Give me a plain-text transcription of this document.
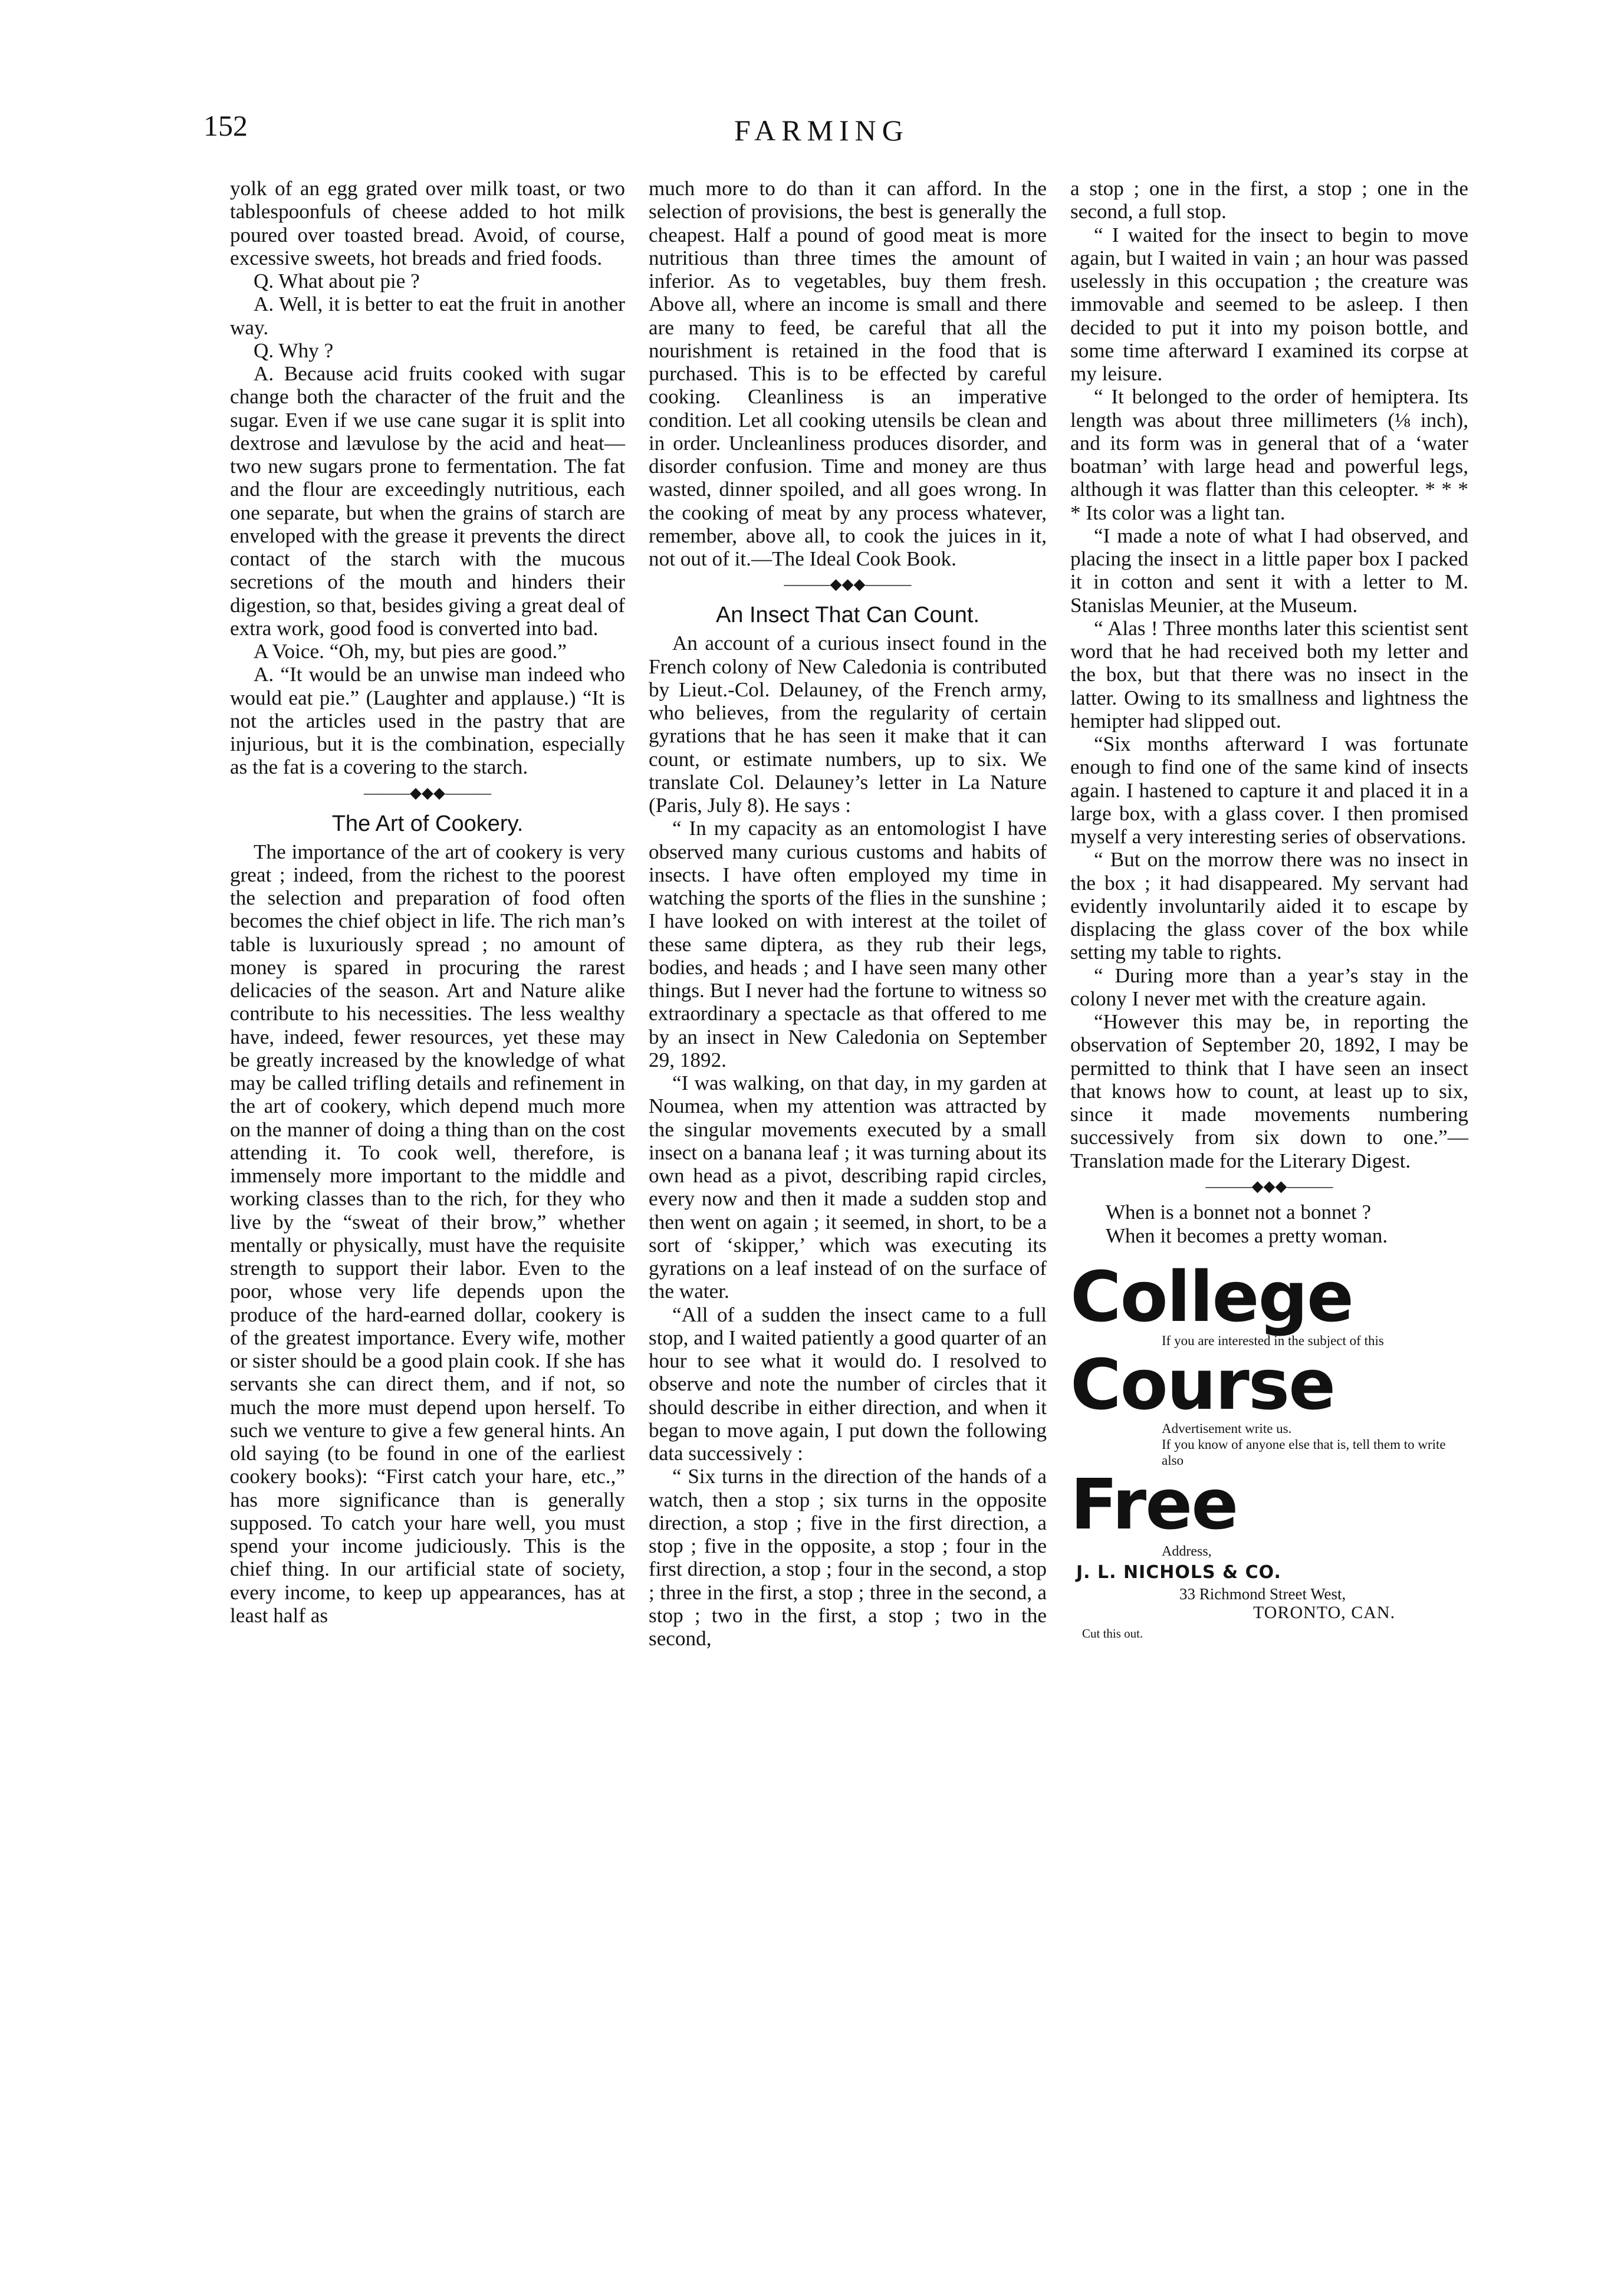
152	FARMING

yolk of an egg grated over milk toast, or two tablespoonfuls of cheese added to hot milk poured over toasted bread. Avoid, of course, excessive sweets, hot breads and fried foods.

Q. What about pie ?

A. Well, it is better to eat the fruit in another way.

Q. Why ?

A. Because acid fruits cooked with sugar change both the character of the fruit and the sugar. Even if we use cane sugar it is split into dextrose and lævulose by the acid and heat—two new sugars prone to fermentation. The fat and the flour are exceedingly nutritious, each one separate, but when the grains of starch are enveloped with the grease it prevents the direct contact of the starch with the mucous secretions of the mouth and hinders their digestion, so that, besides giving a great deal of extra work, good food is converted into bad.

A Voice. “Oh, my, but pies are good.”

A. “It would be an unwise man indeed who would eat pie.” (Laughter and applause.) “It is not the articles used in the pastry that are injurious, but it is the combination, especially as the fat is a covering to the starch.

———◆◆◆———
The Art of Cookery.

The importance of the art of cookery is very great ; indeed, from the richest to the poorest the selection and preparation of food often becomes the chief object in life. The rich man’s table is luxuriously spread ; no amount of money is spared in procuring the rarest delicacies of the season. Art and Nature alike contribute to his necessities. The less wealthy have, indeed, fewer resources, yet these may be greatly increased by the knowledge of what may be called trifling details and refinement in the art of cookery, which depend much more on the manner of doing a thing than on the cost attending it. To cook well, therefore, is immensely more important to the middle and working classes than to the rich, for they who live by the “sweat of their brow,” whether mentally or physically, must have the requisite strength to support their labor. Even to the poor, whose very life depends upon the produce of the hard-earned dollar, cookery is of the greatest importance. Every wife, mother or sister should be a good plain cook. If she has servants she can direct them, and if not, so much the more must depend upon herself. To such we venture to give a few general hints. An old saying (to be found in one of the earliest cookery books): “First catch your hare, etc.,” has more significance than is generally supposed. To catch your hare well, you must spend your income judiciously. This is the chief thing. In our artificial state of society, every income, to keep up appearances, has at least half as

much more to do than it can afford. In the selection of provisions, the best is generally the cheapest. Half a pound of good meat is more nutritious than three times the amount of inferior. As to vegetables, buy them fresh. Above all, where an income is small and there are many to feed, be careful that all the nourishment is retained in the food that is purchased. This is to be effected by careful cooking. Cleanliness is an imperative condition. Let all cooking utensils be clean and in order. Uncleanliness produces disorder, and disorder confusion. Time and money are thus wasted, dinner spoiled, and all goes wrong. In the cooking of meat by any process whatever, remember, above all, to cook the juices in it, not out of it.—The Ideal Cook Book.

———◆◆◆———
An Insect That Can Count.

An account of a curious insect found in the French colony of New Caledonia is contributed by Lieut.-Col. Delauney, of the French army, who believes, from the regularity of certain gyrations that he has seen it make that it can count, or estimate numbers, up to six. We translate Col. Delauney’s letter in La Nature (Paris, July 8). He says :

“ In my capacity as an entomologist I have observed many curious customs and habits of insects. I have often employed my time in watching the sports of the flies in the sunshine ; I have looked on with interest at the toilet of these same diptera, as they rub their legs, bodies, and heads ; and I have seen many other things. But I never had the fortune to witness so extraordinary a spectacle as that offered to me by an insect in New Caledonia on September 29, 1892.

“I was walking, on that day, in my garden at Noumea, when my attention was attracted by the singular movements executed by a small insect on a banana leaf ; it was turning about its own head as a pivot, describing rapid circles, every now and then it made a sudden stop and then went on again ; it seemed, in short, to be a sort of ‘skipper,’ which was executing its gyrations on a leaf instead of on the surface of the water.

“All of a sudden the insect came to a full stop, and I waited patiently a good quarter of an hour to see what it would do. I resolved to observe and note the number of circles that it should describe in either direction, and when it began to move again, I put down the following data successively :

“ Six turns in the direction of the hands of a watch, then a stop ; six turns in the opposite direction, a stop ; five in the first direction, a stop ; five in the opposite, a stop ; four in the first direction, a stop ; four in the second, a stop ; three in the first, a stop ; three in the second, a stop ; two in the first, a stop ; two in the second,

a stop ; one in the first, a stop ; one in the second, a full stop.

“ I waited for the insect to begin to move again, but I waited in vain ; an hour was passed uselessly in this occupation ; the creature was immovable and seemed to be asleep. I then decided to put it into my poison bottle, and some time afterward I examined its corpse at my leisure.

“ It belonged to the order of hemiptera. Its length was about three millimeters (⅛ inch), and its form was in general that of a ‘water boatman’ with large head and powerful legs, although it was flatter than this celeopter. * * * * Its color was a light tan.

“I made a note of what I had observed, and placing the insect in a little paper box I packed it in cotton and sent it with a letter to M. Stanislas Meunier, at the Museum.

“ Alas ! Three months later this scientist sent word that he had received both my letter and the box, but that there was no insect in the latter. Owing to its smallness and lightness the hemipter had slipped out.

“Six months afterward I was fortunate enough to find one of the same kind of insects again. I hastened to capture it and placed it in a large box, with a glass cover. I then promised myself a very interesting series of observations.

“ But on the morrow there was no insect in the box ; it had disappeared. My servant had evidently involuntarily aided it to escape by displacing the glass cover of the box while setting my table to rights.

“ During more than a year’s stay in the colony I never met with the creature again.

“However this may be, in reporting the observation of September 20, 1892, I may be permitted to think that I have seen an insect that knows how to count, at least up to six, since it made movements numbering successively from six down to one.”—Translation made for the Literary Digest.

———◆◆◆———

When is a bonnet not a bonnet ?

When it becomes a pretty woman.

College
If you are interested in the subject of this
Course
Advertisement write us.
If you know of anyone else that is, tell them to write also
Free
Address,
J. L. NICHOLS & CO.
33 Richmond Street West,
TORONTO, CAN.
Cut this out.
